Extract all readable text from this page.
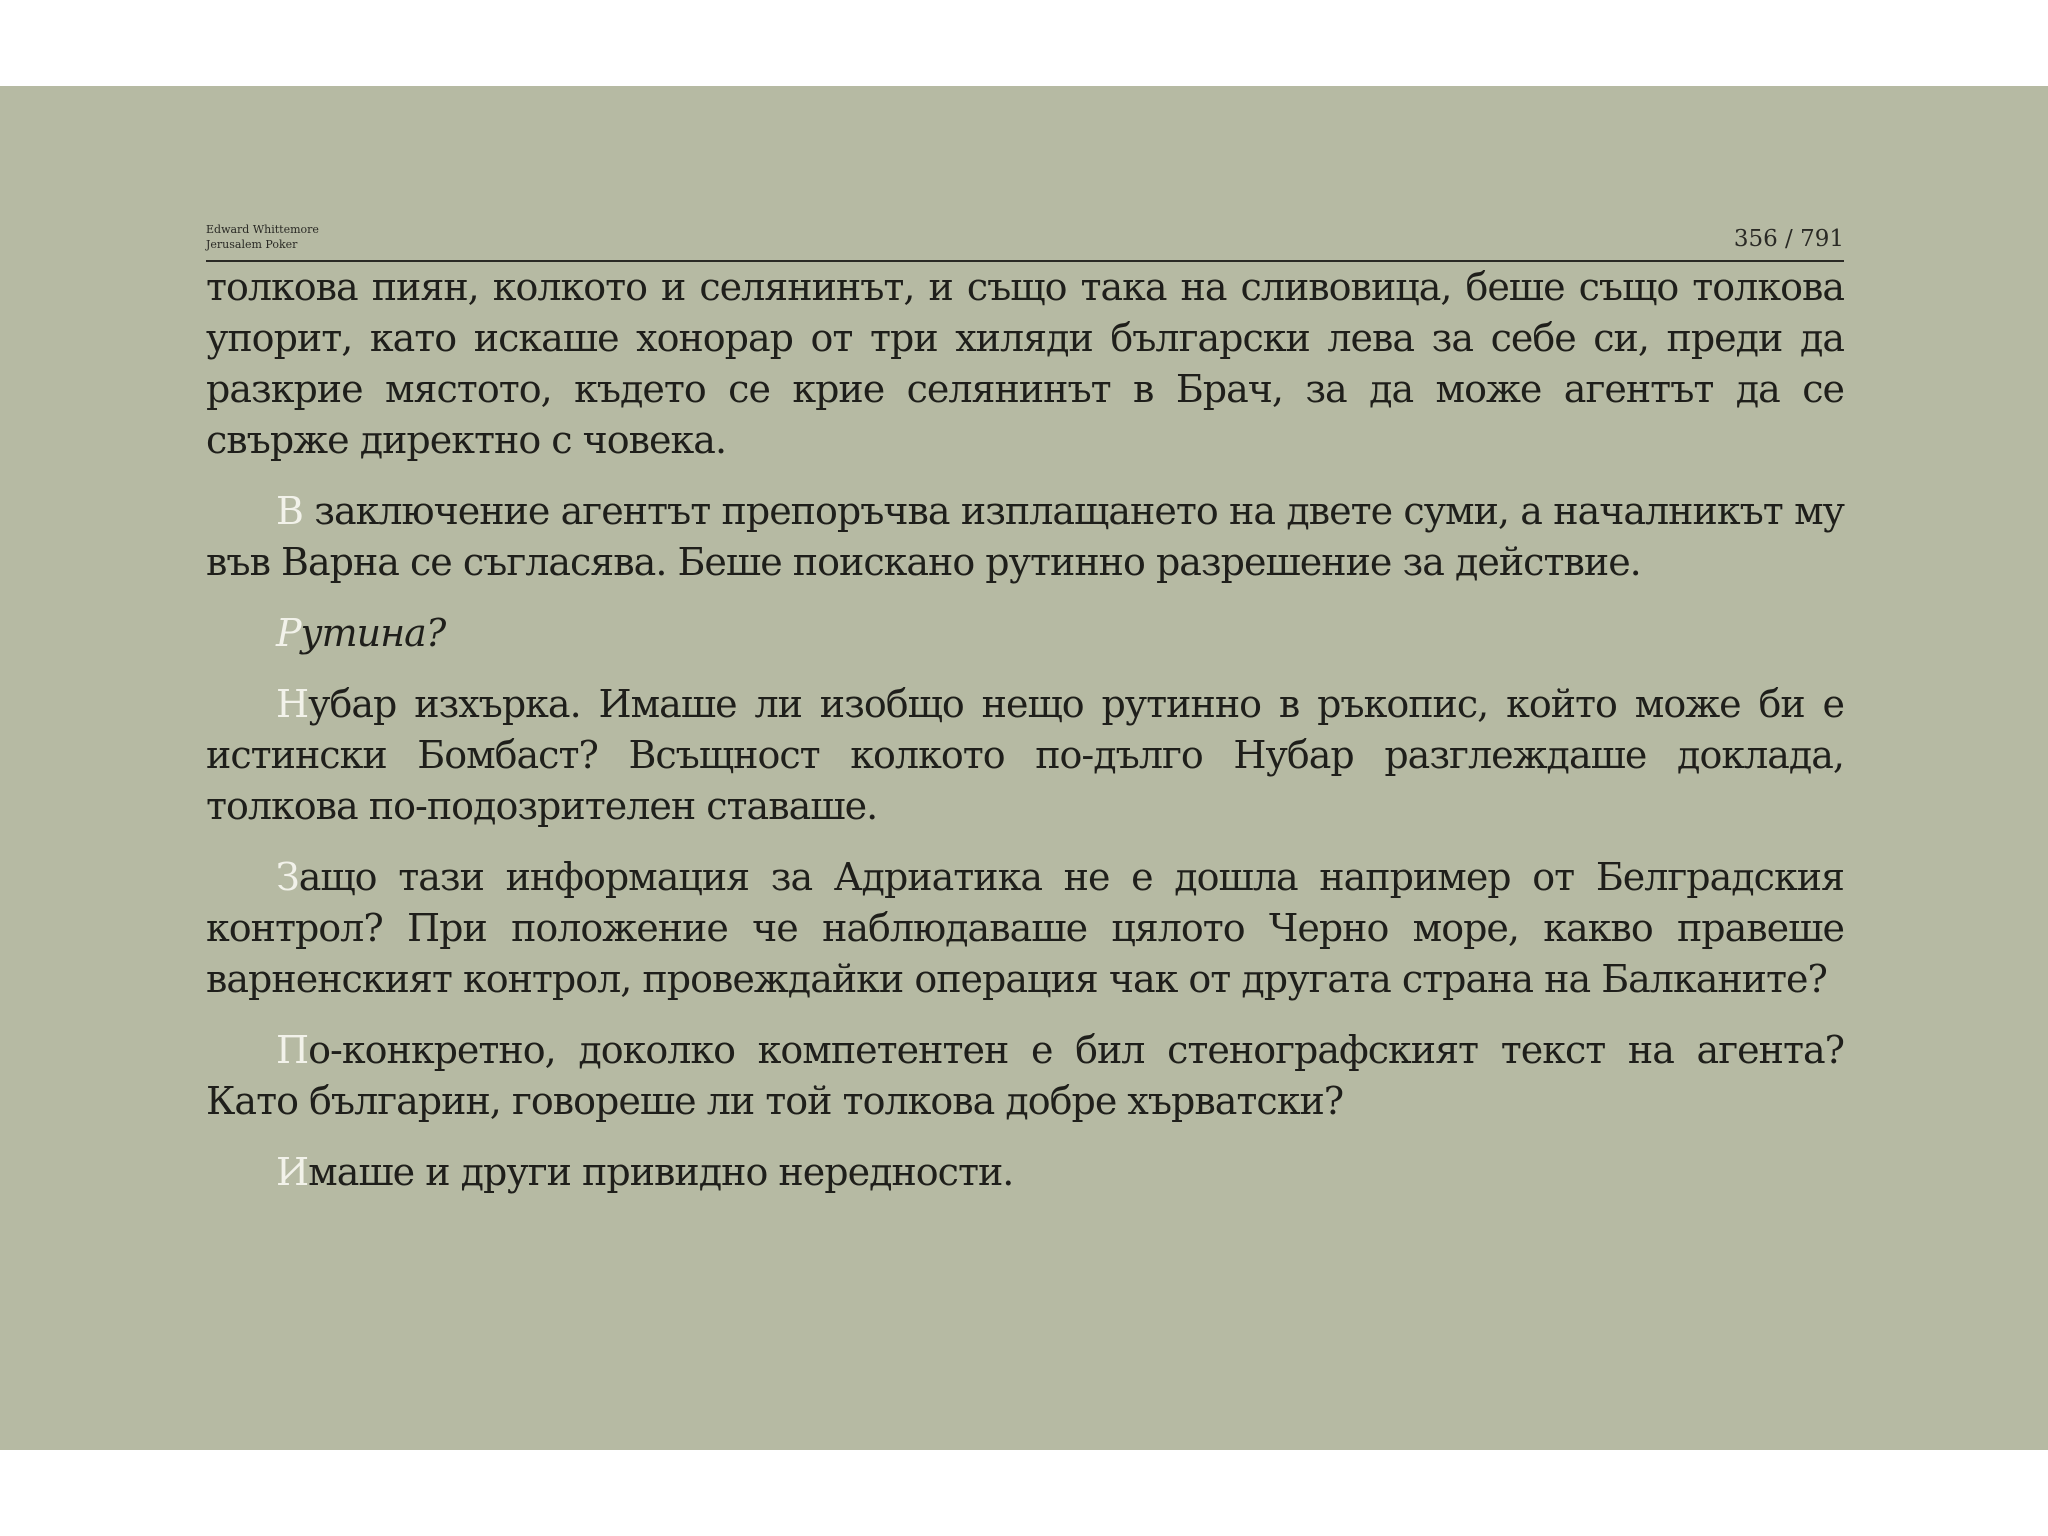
Edward Whittemore
Jerusalem Poker	356 / 791

толкова пиян, колкото и селянинът, и също така на сливовица, беше също толкова упорит, като искаше хонорар от три хиляди български лева за себе си, преди да разкрие мястото, където се крие селянинът в Брач, за да може агентът да се свърже директно с човека.

В заключение агентът препоръчва изплащането на двете суми, а началникът му във Варна се съгласява. Беше поискано рутинно разрешение за действие.

Рутина?

Нубар изхърка. Имаше ли изобщо нещо рутинно в ръкопис, който може би е истински Бомбаст? Всъщност колкото по-дълго Нубар разглеждаше доклада, толкова по-подозрителен ставаше.

Защо тази информация за Адриатика не е дошла например от Белградския контрол? При положение че наблюдаваше цялото Черно море, какво правеше варненският контрол, провеждайки операция чак от другата страна на Балканите?

По-конкретно, доколко компетентен е бил стенографският текст на агента? Като българин, говореше ли той толкова добре хърватски?

Имаше и други привидно нередности.
